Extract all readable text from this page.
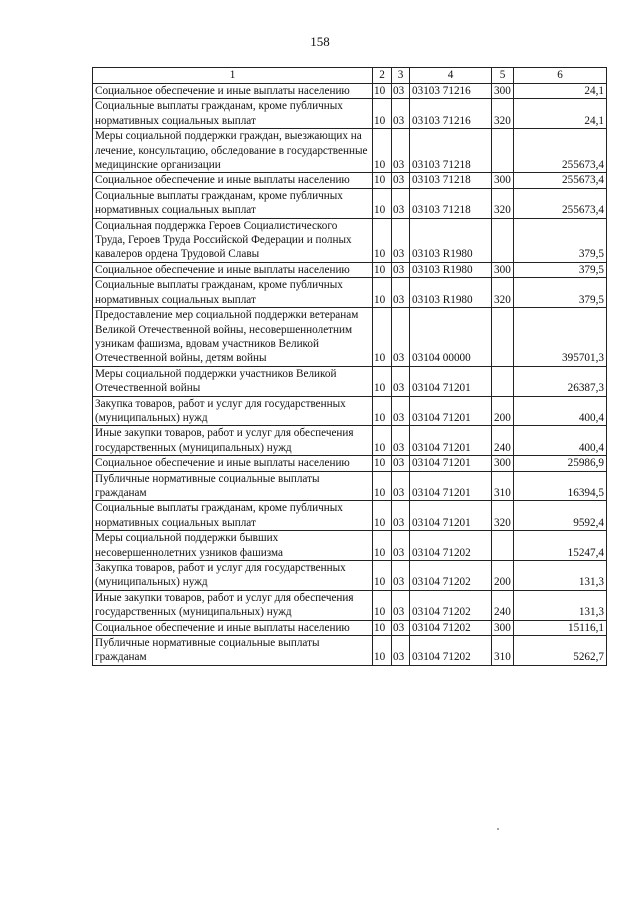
158
1	2	3	4	5	6
Социальное обеспечение и иные выплаты населению	10	03	03103 71216	300	24,1
Социальные выплаты гражданам, кроме публичных нормативных социальных выплат	10	03	03103 71216	320	24,1
Меры социальной поддержки граждан, выезжающих на лечение, консультацию, обследование в государственные медицинские организации	10	03	03103 71218		255673,4
Социальное обеспечение и иные выплаты населению	10	03	03103 71218	300	255673,4
Социальные выплаты гражданам, кроме публичных нормативных социальных выплат	10	03	03103 71218	320	255673,4
Социальная поддержка Героев Социалистического Труда, Героев Труда Российской Федерации и полных кавалеров ордена Трудовой Славы	10	03	03103 R1980		379,5
Социальное обеспечение и иные выплаты населению	10	03	03103 R1980	300	379,5
Социальные выплаты гражданам, кроме публичных нормативных социальных выплат	10	03	03103 R1980	320	379,5
Предоставление мер социальной поддержки ветеранам Великой Отечественной войны, несовершеннолетним узникам фашизма, вдовам участников Великой Отечественной войны, детям войны	10	03	03104 00000		395701,3
Меры социальной поддержки участников Великой Отечественной войны	10	03	03104 71201		26387,3
Закупка товаров, работ и услуг для государственных (муниципальных) нужд	10	03	03104 71201	200	400,4
Иные закупки товаров, работ и услуг для обеспечения государственных (муниципальных) нужд	10	03	03104 71201	240	400,4
Социальное обеспечение и иные выплаты населению	10	03	03104 71201	300	25986,9
Публичные нормативные социальные выплаты гражданам	10	03	03104 71201	310	16394,5
Социальные выплаты гражданам, кроме публичных нормативных социальных выплат	10	03	03104 71201	320	9592,4
Меры социальной поддержки бывших несовершеннолетних узников фашизма	10	03	03104 71202		15247,4
Закупка товаров, работ и услуг для государственных (муниципальных) нужд	10	03	03104 71202	200	131,3
Иные закупки товаров, работ и услуг для обеспечения государственных (муниципальных) нужд	10	03	03104 71202	240	131,3
Социальное обеспечение и иные выплаты населению	10	03	03104 71202	300	15116,1
Публичные нормативные социальные выплаты гражданам	10	03	03104 71202	310	5262,7
